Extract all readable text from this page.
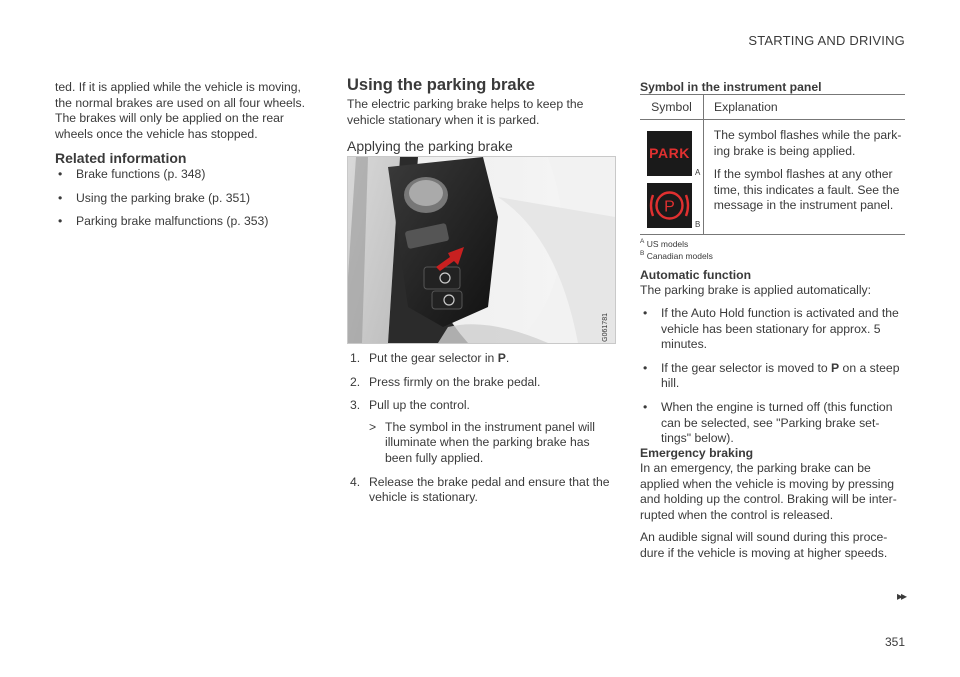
STARTING AND DRIVING
ted. If it is applied while the vehicle is moving, the normal brakes are used on all four wheels. The brakes will only be applied on the rear wheels once the vehicle has stopped.
Related information
• Brake functions (p. 348)
• Using the parking brake (p. 351)
• Parking brake malfunctions (p. 353)
Using the parking brake
The electric parking brake helps to keep the vehicle stationary when it is parked.
Applying the parking brake
G061781
1. Put the gear selector in P.
2. Press firmly on the brake pedal.
3. Pull up the control.
> The symbol in the instrument panel will illuminate when the parking brake has been fully applied.
4. Release the brake pedal and ensure that the vehicle is stationary.
Symbol in the instrument panel
Symbol	Explanation
PARK
A
P
B

The symbol flashes while the park-ing brake is being applied.

If the symbol flashes at any other time, this indicates a fault. See the message in the instrument panel.

$^A$ US models
$^B$ Canadian models
Automatic function
The parking brake is applied automatically:
• If the Auto Hold function is activated and the vehicle has been stationary for approx. 5 minutes.
• If the gear selector is moved to P on a steep hill.
• When the engine is turned off (this function can be selected, see "Parking brake set-tings" below).
Emergency braking
In an emergency, the parking brake can be applied when the vehicle is moving by pressing and holding up the control. Braking will be inter-rupted when the control is released.
An audible signal will sound during this proce-dure if the vehicle is moving at higher speeds.
▸▸
351
